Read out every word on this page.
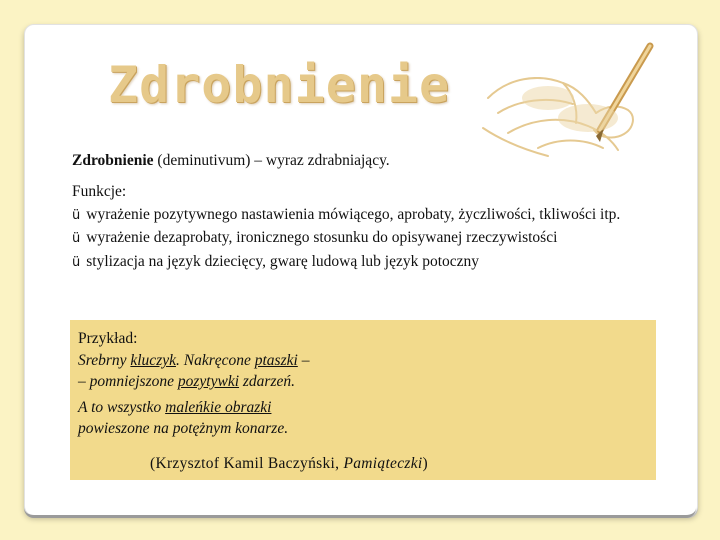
Zdrobnienie
Zdrobnienie (deminutivum) – wyraz zdrabniający.

Funkcje:

ü wyrażenie pozytywnego nastawienia mówiącego, aprobaty, życzliwości, tkliwości itp.

ü wyrażenie dezaprobaty, ironicznego stosunku do opisywanej rzeczywistości

ü stylizacja na język dziecięcy, gwarę ludową lub język potoczny

Przykład:
Srebrny kluczyk. Nakręcone ptaszki –
– pomniejszone pozytywki zdarzeń.
A to wszystko maleńkie obrazki
powieszone na potężnym konarze.
(Krzysztof Kamil Baczyński, Pamiąteczki)
